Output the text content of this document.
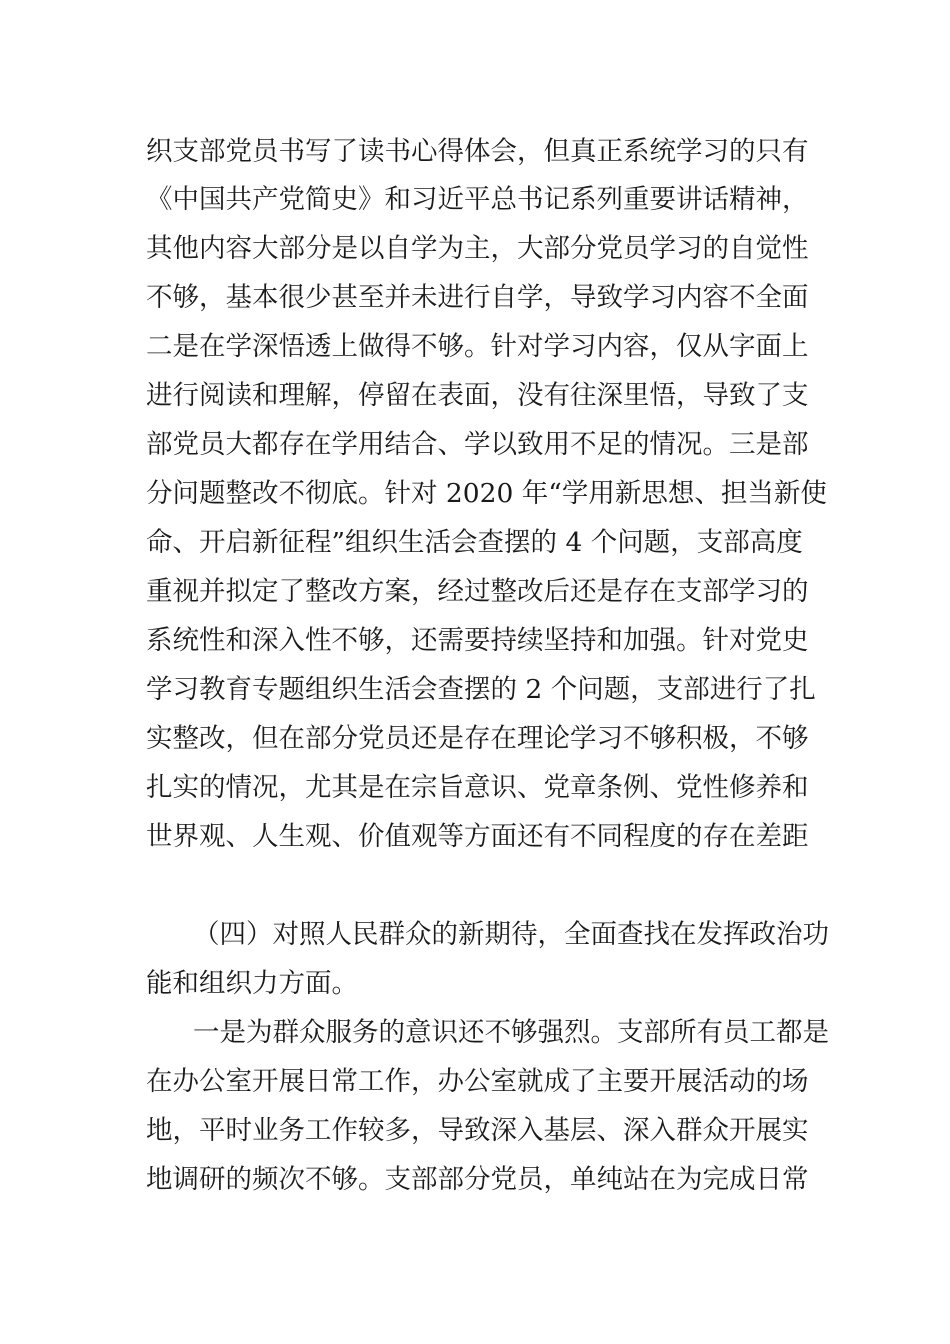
织支部党员书写了读书心得体会，但真正系统学习的只有
《中国共产党简史》和习近平总书记系列重要讲话精神，
其他内容大部分是以自学为主，大部分党员学习的自觉性
不够，基本很少甚至并未进行自学，导致学习内容不全面
二是在学深悟透上做得不够。针对学习内容，仅从字面上
进行阅读和理解，停留在表面，没有往深里悟，导致了支
部党员大都存在学用结合、学以致用不足的情况。三是部
分问题整改不彻底。针对 2020 年“学用新思想、担当新使
命、开启新征程”组织生活会查摆的 4 个问题，支部高度
重视并拟定了整改方案，经过整改后还是存在支部学习的
系统性和深入性不够，还需要持续坚持和加强。针对党史
学习教育专题组织生活会查摆的 2 个问题，支部进行了扎
实整改，但在部分党员还是存在理论学习不够积极，不够
扎实的情况，尤其是在宗旨意识、党章条例、党性修养和
世界观、人生观、价值观等方面还有不同程度的存在差距
（四）对照人民群众的新期待，全面查找在发挥政治功
能和组织力方面。
一是为群众服务的意识还不够强烈。支部所有员工都是
在办公室开展日常工作，办公室就成了主要开展活动的场
地，平时业务工作较多，导致深入基层、深入群众开展实
地调研的频次不够。支部部分党员，单纯站在为完成日常
